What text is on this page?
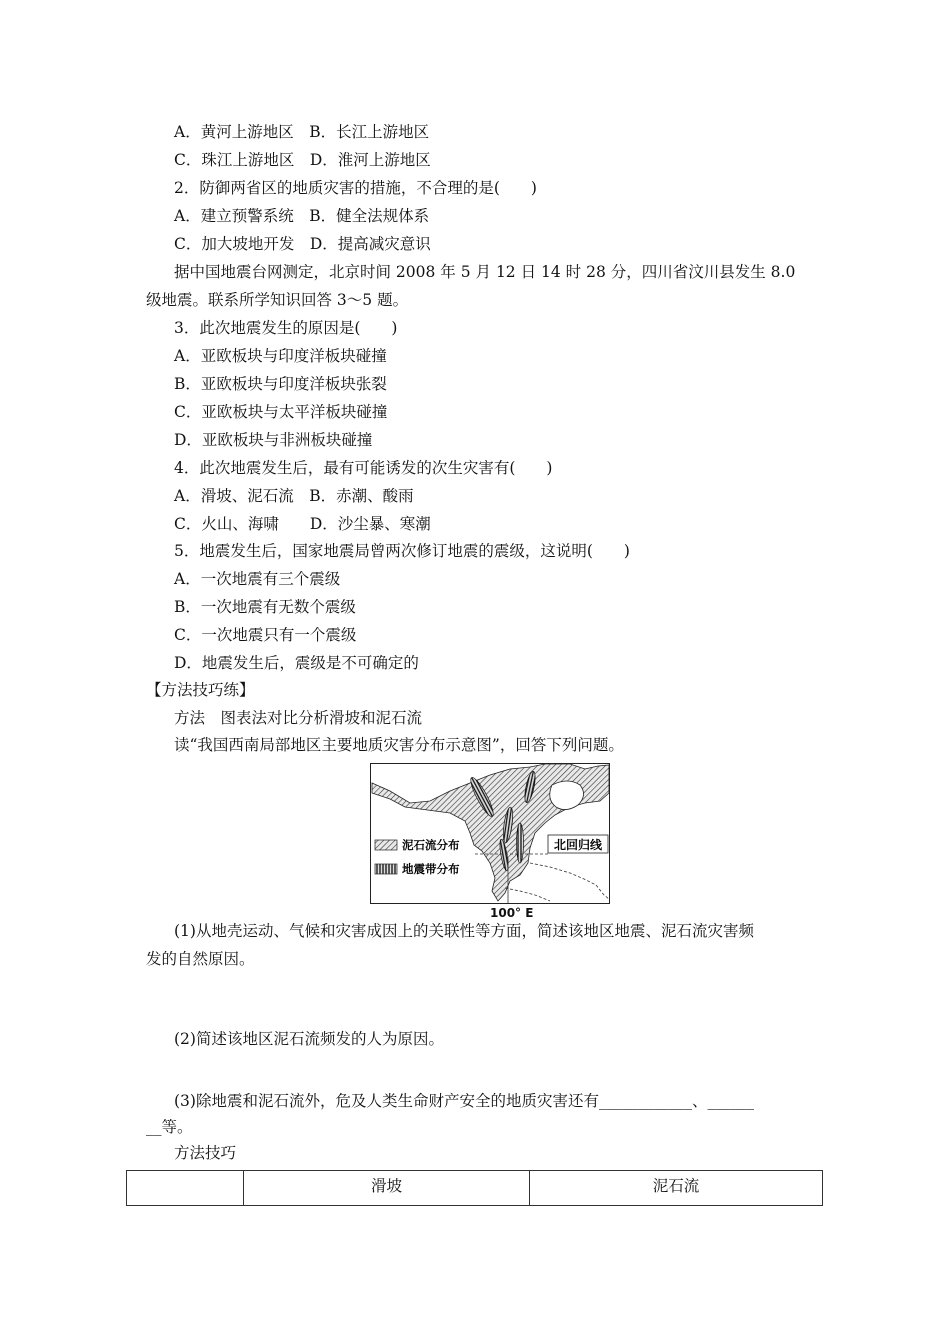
A．黄河上游地区　B．长江上游地区
C．珠江上游地区　D．淮河上游地区
2．防御两省区的地质灾害的措施，不合理的是(　　)
A．建立预警系统　B．健全法规体系
C．加大坡地开发　D．提高减灾意识
据中国地震台网测定，北京时间 2008 年 5 月 12 日 14 时 28 分，四川省汶川县发生 8.0
级地震。联系所学知识回答 3～5 题。
3．此次地震发生的原因是(　　)
A．亚欧板块与印度洋板块碰撞
B．亚欧板块与印度洋板块张裂
C．亚欧板块与太平洋板块碰撞
D．亚欧板块与非洲板块碰撞
4．此次地震发生后，最有可能诱发的次生灾害有(　　)
A．滑坡、泥石流　B．赤潮、酸雨
C．火山、海啸　　D．沙尘暴、寒潮
5．地震发生后，国家地震局曾两次修订地震的震级，这说明(　　)
A．一次地震有三个震级
B．一次地震有无数个震级
C．一次地震只有一个震级
D．地震发生后，震级是不可确定的
【方法技巧练】
方法　图表法对比分析滑坡和泥石流
读“我国西南局部地区主要地质灾害分布示意图”，回答下列问题。
北回归线
泥石流分布
地震带分布
100° E
(1)从地壳运动、气候和灾害成因上的关联性等方面，简述该地区地震、泥石流灾害频
发的自然原因。
(2)简述该地区泥石流频发的人为原因。
(3)除地震和泥石流外，危及人类生命财产安全的地质灾害还有____________、______
__等。
方法技巧
	滑坡	泥石流
